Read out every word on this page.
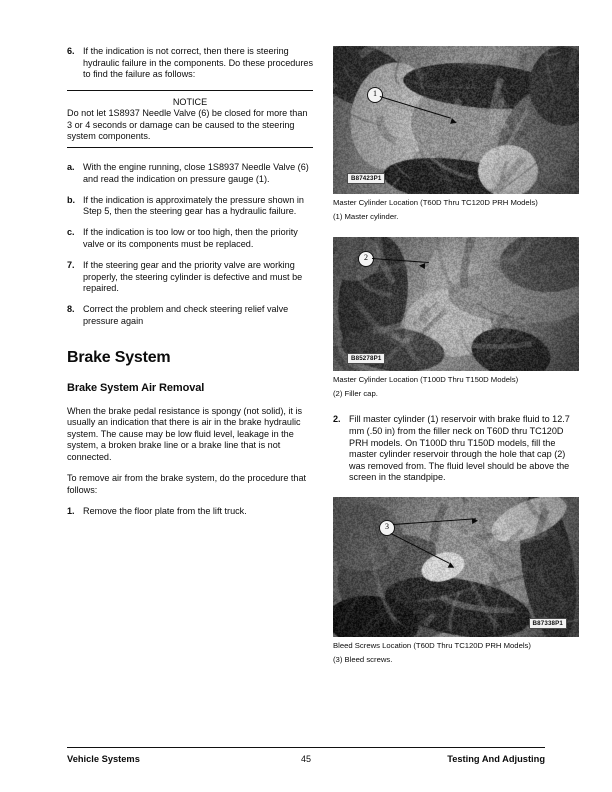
6. If the indication is not correct, then there is steering hydraulic failure in the components. Do these procedures to find the failure as follows:
NOTICE
Do not let 1S8937 Needle Valve (6) be closed for more than 3 or 4 seconds or damage can be caused to the steering system components.
a. With the engine running, close 1S8937 Needle Valve (6) and read the indication on pressure gauge (1).
b. If the indication is approximately the pressure shown in Step 5, then the steering gear has a hydraulic failure.
c. If the indication is too low or too high, then the priority valve or its components must be replaced.
7. If the steering gear and the priority valve are working properly, the steering cylinder is defective and must be repaired.
8. Correct the problem and check steering relief valve pressure again
Brake System
Brake System Air Removal

When the brake pedal resistance is spongy (not solid), it is usually an indication that there is air in the brake hydraulic system. The cause may be low fluid level, leakage in the system, a broken brake line or a brake line that is not connected.

To remove air from the brake system, do the procedure that follows:

1. Remove the floor plate from the lift truck.
1
B87423P1

Master Cylinder Location (T60D Thru TC120D PRH Models)

(1) Master cylinder.

2
B85278P1

Master Cylinder Location (T100D Thru T150D Models)

(2) Filler cap.

2. Fill master cylinder (1) reservoir with brake fluid to 12.7 mm (.50 in) from the filler neck on T60D thru TC120D PRH models. On T100D thru T150D models, fill the master cylinder reservoir through the hole that cap (2) was removed from. The fluid level should be above the screen in the standpipe.
3
B87338P1

Bleed Screws Location (T60D Thru TC120D PRH Models)

(3) Bleed screws.

Vehicle Systems	45	Testing And Adjusting
